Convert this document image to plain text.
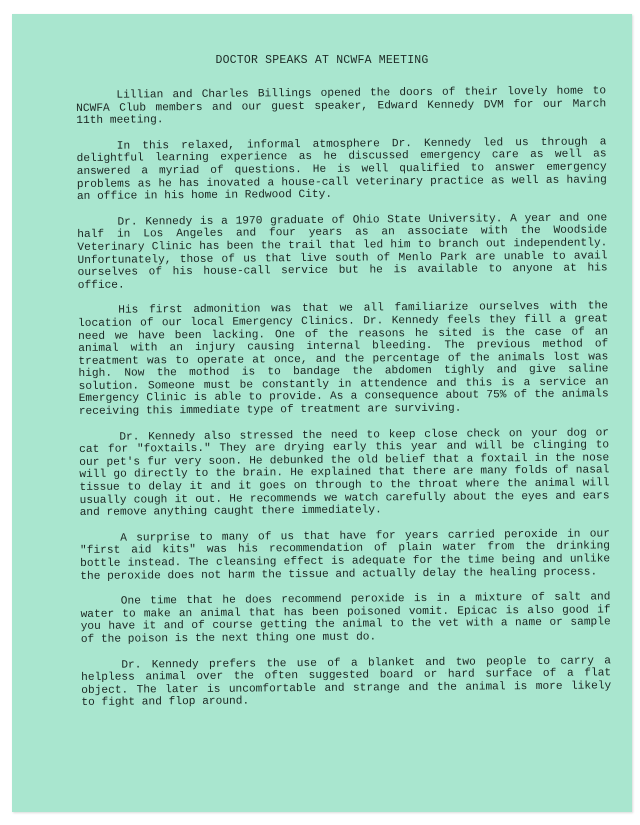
DOCTOR SPEAKS AT NCWFA MEETING

Lillian and Charles Billings opened the doors of their lovely home to NCWFA Club members and our guest speaker, Edward Kennedy DVM for our March 11th meeting.

In this relaxed, informal atmosphere Dr. Kennedy led us through a delightful learning experience as he discussed emergency care as well as answered a myriad of questions. He is well qualified to answer emergency problems as he has inovated a house-call veterinary practice as well as having an office in his home in Redwood City.

Dr. Kennedy is a 1970 graduate of Ohio State University. A year and one half in Los Angeles and four years as an associate with the Woodside Veterinary Clinic has been the trail that led him to branch out independently. Unfortunately, those of us that live south of Menlo Park are unable to avail ourselves of his house-call service but he is available to anyone at his office.

His first admonition was that we all familiarize ourselves with the location of our local Emergency Clinics. Dr. Kennedy feels they fill a great need we have been lacking. One of the reasons he sited is the case of an animal with an injury causing internal bleeding. The previous method of treatment was to operate at once, and the percentage of the animals lost was high. Now the mothod is to bandage the abdomen tighly and give saline solution. Someone must be constantly in attendence and this is a service an Emergency Clinic is able to provide. As a consequence about 75% of the animals receiving this immediate type of treatment are surviving.

Dr. Kennedy also stressed the need to keep close check on your dog or cat for "foxtails." They are drying early this year and will be clinging to our pet's fur very soon. He debunked the old belief that a foxtail in the nose will go directly to the brain. He explained that there are many folds of nasal tissue to delay it and it goes on through to the throat where the animal will usually cough it out. He recommends we watch carefully about the eyes and ears and remove anything caught there immediately.

A surprise to many of us that have for years carried peroxide in our "first aid kits" was his recommendation of plain water from the drinking bottle instead. The cleansing effect is adequate for the time being and unlike the peroxide does not harm the tissue and actually delay the healing process.

One time that he does recommend peroxide is in a mixture of salt and water to make an animal that has been poisoned vomit. Epicac is also good if you have it and of course getting the animal to the vet with a name or sample of the poison is the next thing one must do.

Dr. Kennedy prefers the use of a blanket and two people to carry a helpless animal over the often suggested board or hard surface of a flat object. The later is uncomfortable and strange and the animal is more likely to fight and flop around.
